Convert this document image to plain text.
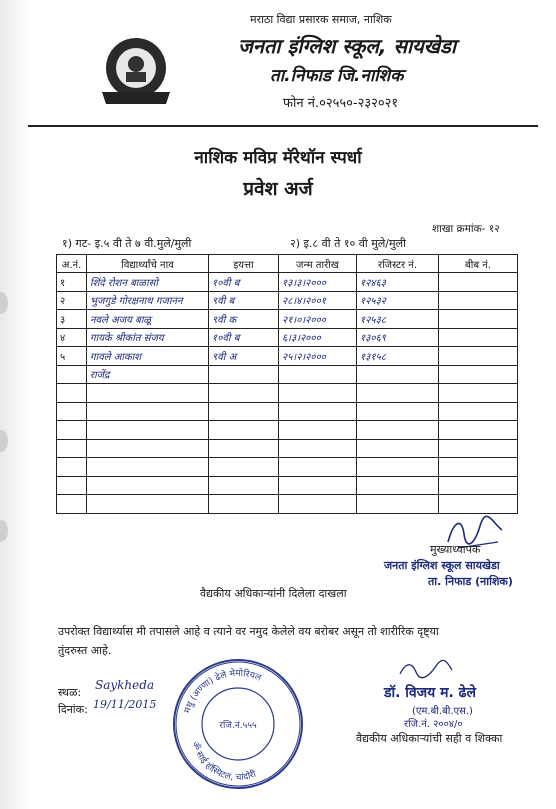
मराठा विद्या प्रसारक समाज, नाशिक
जनता इंग्लिश स्कूल, सायखेडा
ता.निफाड जि.नाशिक
फोन नं.०२५५०-२३२०२१
नाशिक मविप्र मॅरेथॉन स्पर्धा
प्रवेश अर्ज
शाखा क्रमांक- १२
१) गट- इ.५ वी ते ७ वी.मुले/मुली	२) इ.८ वी ते १० वी मुले/मुली
अ.नं.	विद्यार्थ्यांचे नाव	इयत्ता	जन्म तारीख	रजिस्टर नं.	बीब नं.
१	शिंदे रोशन बाळासो	१०वी ब	१३।३।२०००	१२४६३	
२	भुजगुडे गोरक्षनाथ गजानन	९वी ब	२८।४।२००१	१२५३२	
३	नवले अजय बाळू	९वी क	२१।०।२०००	१२५३८	
४	गायके श्रीकांत संजय	१०वी ब	६।३।२०००	१३०६९	
५	गावले आकाश	९वी अ	२५।२।२०००	१३१५८	
	राजेंद्र				

मुख्याध्यापक
जनता इंग्लिश स्कूल सायखेडा
ता. निफाड (नाशिक)
वैद्यकीय अधिकाऱ्यांनी दिलेला दाखला
उपरोक्त विद्यार्थ्यास मी तपासले आहे व त्याने वर नमुद केलेले वय बरोबर असून तो शारीरिक दृष्ट्या
तुंदरुस्त आहे.
स्थळ:
Saykheda
दिनांक: 19/11/2015	मधु (अण्णा) ढेले मेमोरियल
ॐ साई हॉस्पिटल, चांदोरी
रजि.नं.५५५
डॉ. विजय म. ढेले
(एम.बी.बी.एस.)
रजि.नं. २००४/०
वैद्यकीय अधिकाऱ्यांची सही व शिक्का
